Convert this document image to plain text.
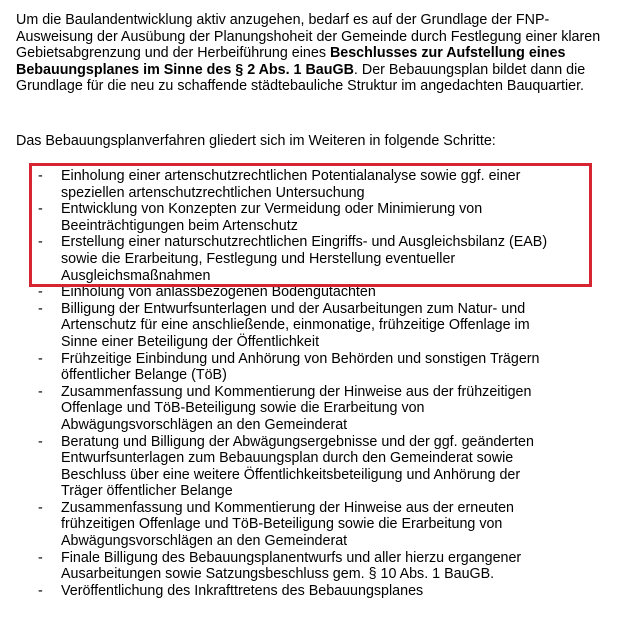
Um die Baulandentwicklung aktiv anzugehen, bedarf es auf der Grundlage der FNP-Ausweisung der Ausübung der Planungshoheit der Gemeinde durch Festlegung einer klaren Gebietsabgrenzung und der Herbeiführung eines Beschlusses zur Aufstellung eines Bebauungsplanes im Sinne des § 2 Abs. 1 BauGB. Der Bebauungsplan bildet dann die Grundlage für die neu zu schaffende städtebauliche Struktur im angedachten Bauquartier.

Das Bebauungsplanverfahren gliedert sich im Weiteren in folgende Schritte:

- Einholung einer artenschutzrechtlichen Potentialanalyse sowie ggf. einer speziellen artenschutzrechtlichen Untersuchung
- Entwicklung von Konzepten zur Vermeidung oder Minimierung von Beeinträchtigungen beim Artenschutz
- Erstellung einer naturschutzrechtlichen Eingriffs- und Ausgleichsbilanz (EAB) sowie die Erarbeitung, Festlegung und Herstellung eventueller Ausgleichsmaßnahmen
- Einholung von anlassbezogenen Bodengutachten
- Billigung der Entwurfsunterlagen und der Ausarbeitungen zum Natur- und Artenschutz für eine anschließende, einmonatige, frühzeitige Offenlage im Sinne einer Beteiligung der Öffentlichkeit
- Frühzeitige Einbindung und Anhörung von Behörden und sonstigen Trägern öffentlicher Belange (TöB)
- Zusammenfassung und Kommentierung der Hinweise aus der frühzeitigen Offenlage und TöB-Beteiligung sowie die Erarbeitung von Abwägungsvorschlägen an den Gemeinderat
- Beratung und Billigung der Abwägungsergebnisse und der ggf. geänderten Entwurfsunterlagen zum Bebauungsplan durch den Gemeinderat sowie Beschluss über eine weitere Öffentlichkeitsbeteiligung und Anhörung der Träger öffentlicher Belange
- Zusammenfassung und Kommentierung der Hinweise aus der erneuten frühzeitigen Offenlage und TöB-Beteiligung sowie die Erarbeitung von Abwägungsvorschlägen an den Gemeinderat
- Finale Billigung des Bebauungsplanentwurfs und aller hierzu ergangener Ausarbeitungen sowie Satzungsbeschluss gem. § 10 Abs. 1 BauGB.
- Veröffentlichung des Inkrafttretens des Bebauungsplanes
